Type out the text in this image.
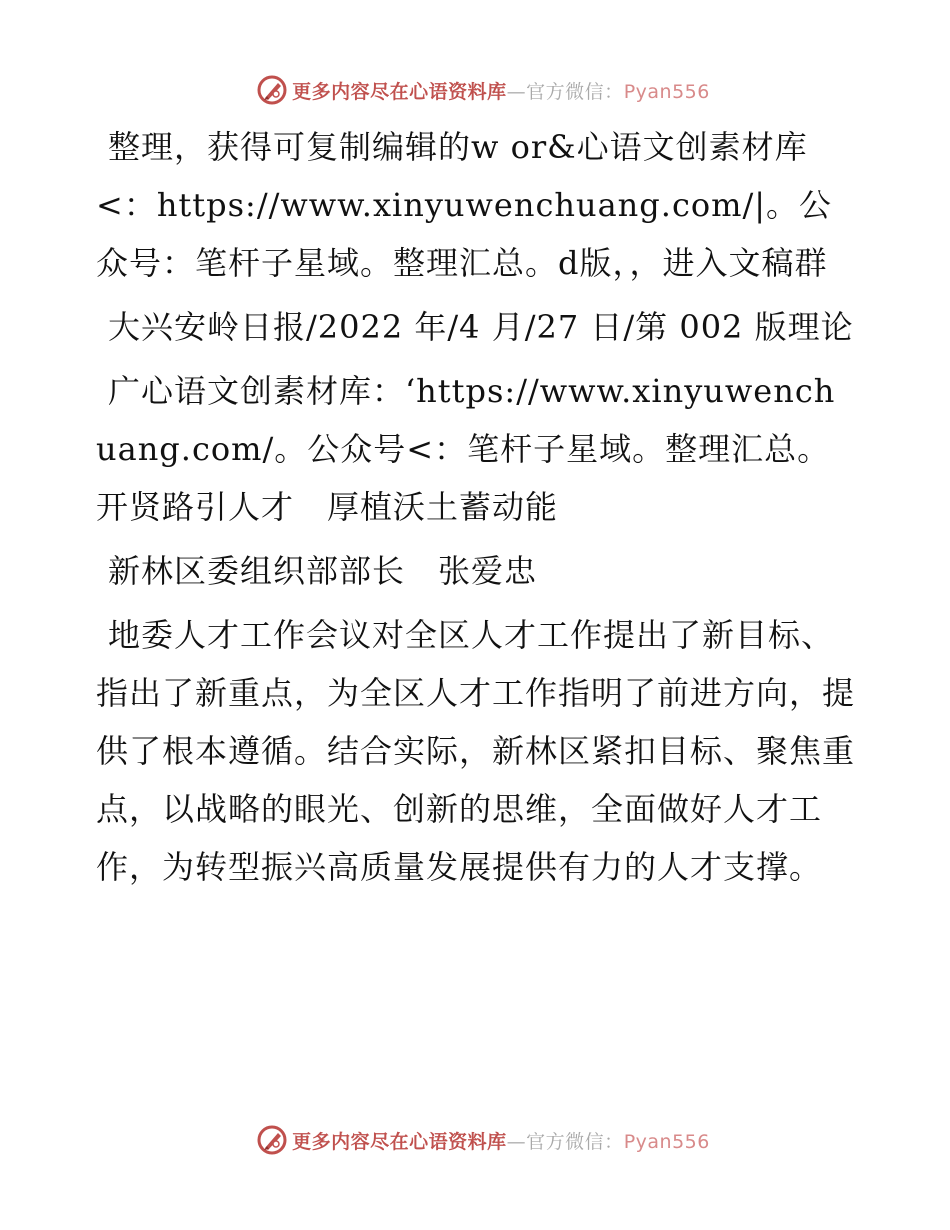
更多内容尽在心语资料库—官方微信：Pyan556

整理，获得可复制编辑的w or&心语文创素材库<：https://www.xinyuwenchuang.com/|。公众号：笔杆子星域。整理汇总。d版，，进入文稿群

大兴安岭日报/2022 年/4 月/27 日/第 002 版理论

广心语文创素材库：‘https://www.xinyuwenchuang.com/。公众号<：笔杆子星域。整理汇总。开贤路引人才　厚植沃土蓄动能

新林区委组织部部长　张爱忠

地委人才工作会议对全区人才工作提出了新目标、指出了新重点，为全区人才工作指明了前进方向，提供了根本遵循。结合实际，新林区紧扣目标、聚焦重点，以战略的眼光、创新的思维，全面做好人才工作，为转型振兴高质量发展提供有力的人才支撑。

更多内容尽在心语资料库—官方微信：Pyan556
